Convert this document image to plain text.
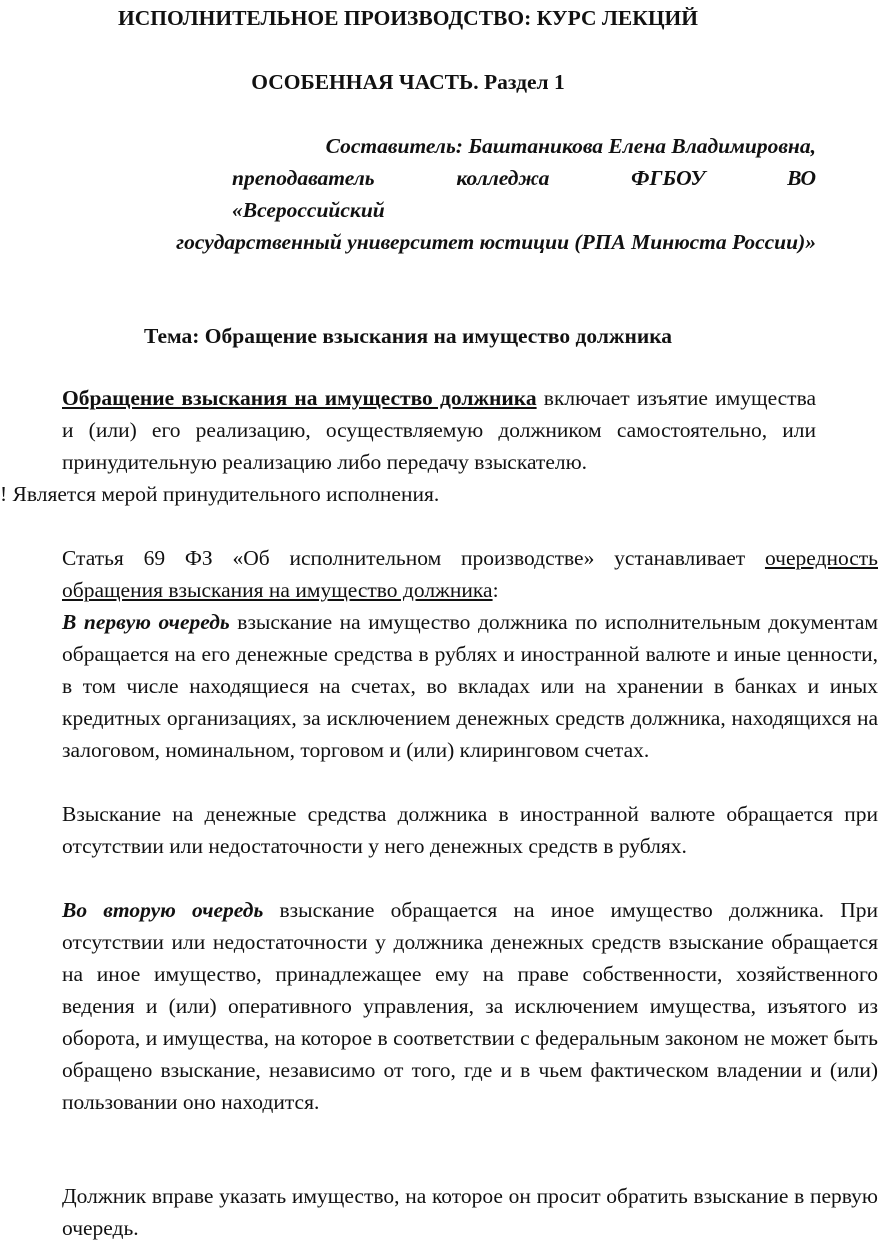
ИСПОЛНИТЕЛЬНОЕ ПРОИЗВОДСТВО: КУРС ЛЕКЦИЙ
ОСОБЕННАЯ ЧАСТЬ. Раздел 1
Составитель: Баштаникова Елена Владимировна,
преподаватель колледжа ФГБОУ ВО
«Всероссийский
государственный университет юстиции (РПА Минюста России)»
Тема: Обращение взыскания на имущество должника
Обращение взыскания на имущество должника включает изъятие имущества и (или) его реализацию, осуществляемую должником самостоятельно, или принудительную реализацию либо передачу взыскателю.
! Является мерой принудительного исполнения.
Статья 69 ФЗ «Об исполнительном производстве» устанавливает очередность обращения взыскания на имущество должника:
В первую очередь взыскание на имущество должника по исполнительным документам обращается на его денежные средства в рублях и иностранной валюте и иные ценности, в том числе находящиеся на счетах, во вкладах или на хранении в банках и иных кредитных организациях, за исключением денежных средств должника, находящихся на залоговом, номинальном, торговом и (или) клиринговом счетах.
Взыскание на денежные средства должника в иностранной валюте обращается при отсутствии или недостаточности у него денежных средств в рублях.
Во вторую очередь взыскание обращается на иное имущество должника. При отсутствии или недостаточности у должника денежных средств взыскание обращается на иное имущество, принадлежащее ему на праве собственности, хозяйственного ведения и (или) оперативного управления, за исключением имущества, изъятого из оборота, и имущества, на которое в соответствии с федеральным законом не может быть обращено взыскание, независимо от того, где и в чьем фактическом владении и (или) пользовании оно находится.
Должник вправе указать имущество, на которое он просит обратить взыскание в первую очередь.
